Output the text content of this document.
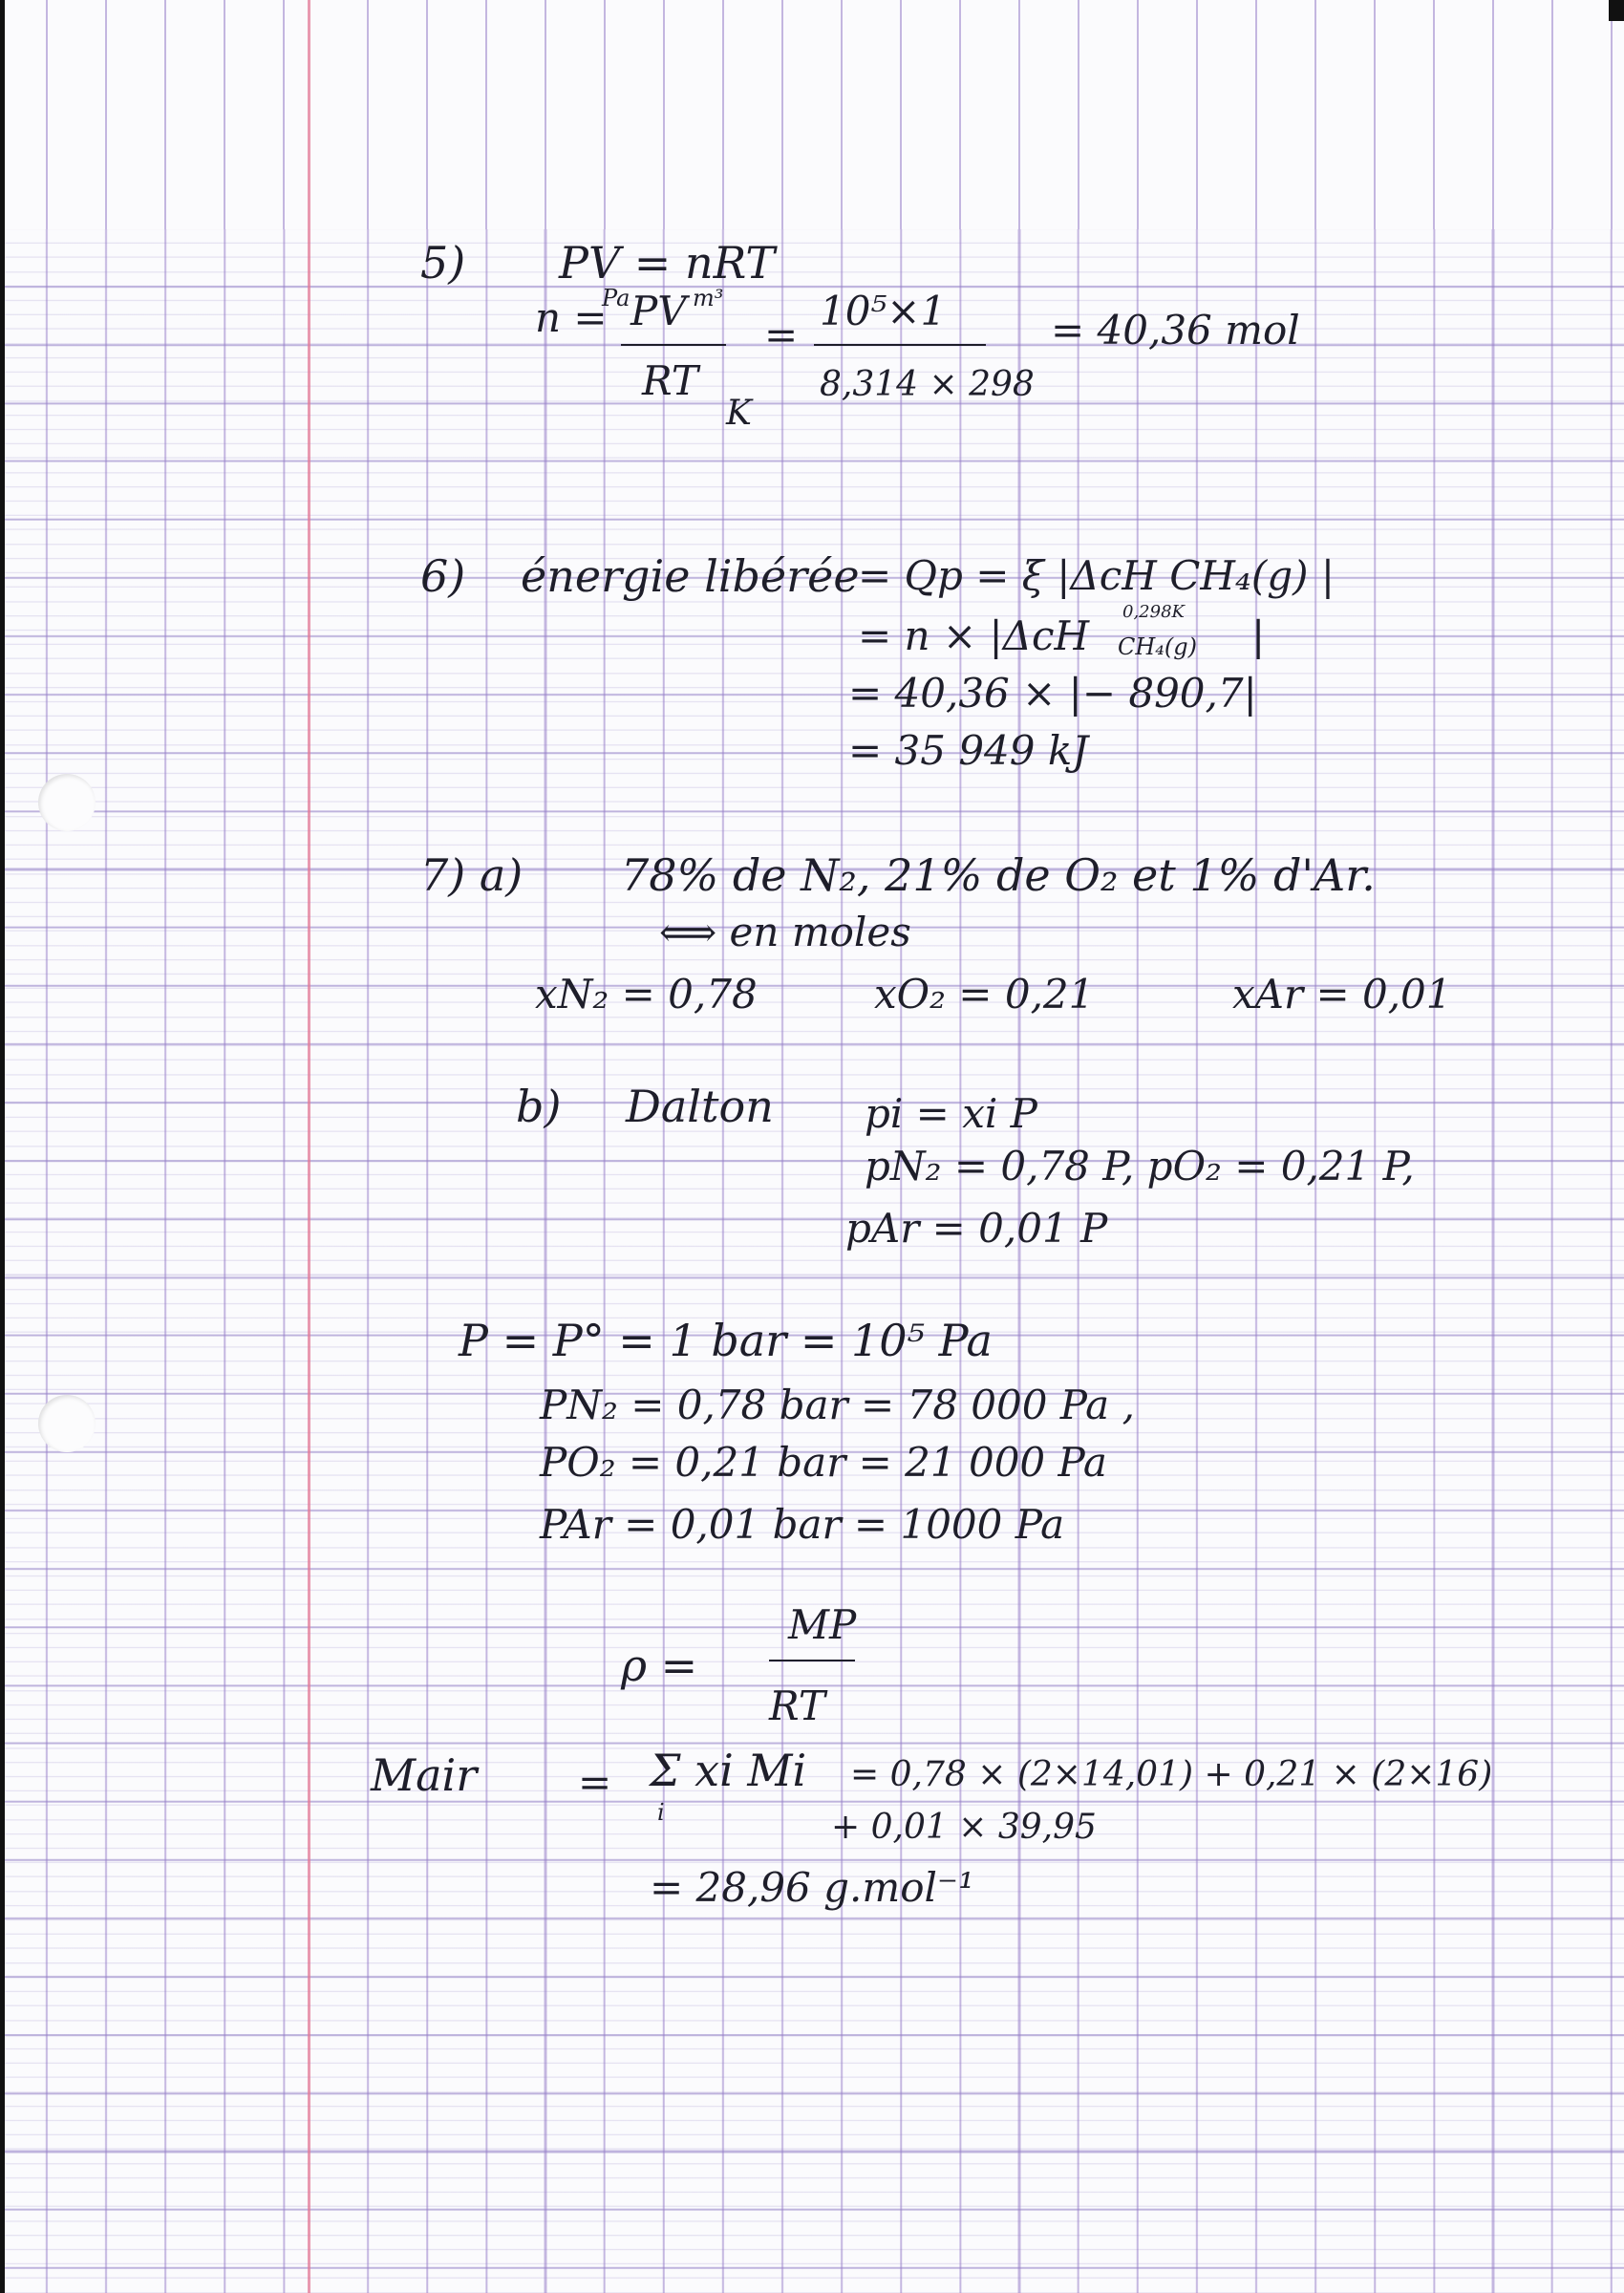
5) PV = nRT
n =
Pa PV m³
RT
K
=
10⁵×1
8,314 × 298
= 40,36 mol
6) énergie libérée
= Qp = ξ |ΔcH CH₄(g) |
= n × |ΔcH
0,298K
CH₄(g) |
= 40,36 × |− 890,7|
= 35 949 kJ
7) a) 78% de N₂, 21% de O₂ et 1% d'Ar.
⟺ en moles
xN₂ = 0,78	xO₂ = 0,21	xAr = 0,01
b) Dalton pi = xi P
pN₂ = 0,78 P, pO₂ = 0,21 P,
pAr = 0,01 P
P = P° = 1 bar = 10⁵ Pa
PN₂ = 0,78 bar = 78 000 Pa ,
PO₂ = 0,21 bar = 21 000 Pa
PAr = 0,01 bar = 1000 Pa
ρ =
MP
RT
Mair	= Σ xi Mi
i
= 0,78 × (2×14,01) + 0,21 × (2×16)
+ 0,01 × 39,95
= 28,96 g.mol⁻¹
